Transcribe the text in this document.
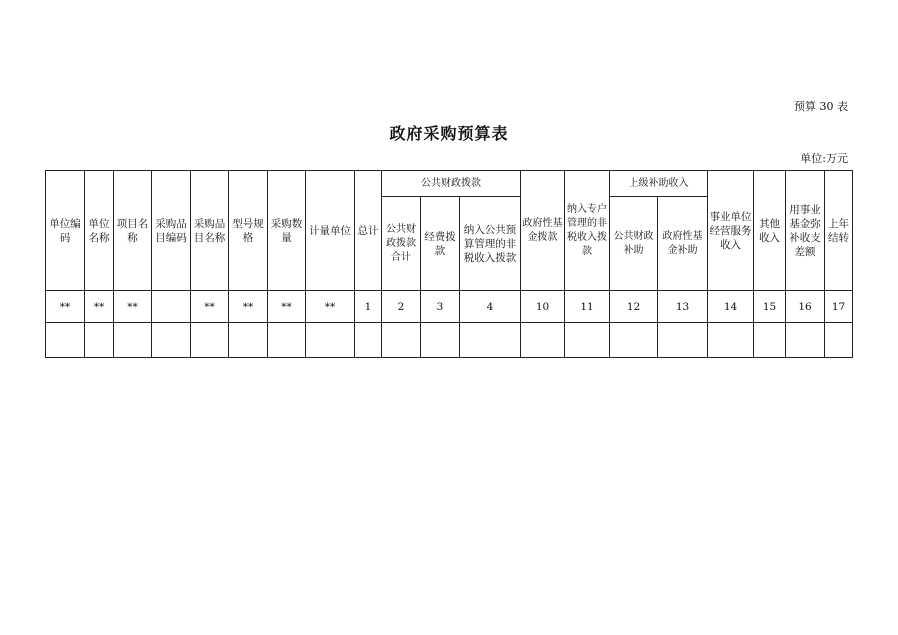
预算 30 表
政府采购预算表
单位:万元
单位编码	单位名称	项目名称	采购品目编码	采购品目名称	型号规格	采购数量	计量单位	总计	公共财政拨款			政府性基金拨款	纳入专户管理的非税收入拨款	上级补助收入		事业单位经营服务收入	其他收入	用事业基金弥补收支差额	上年结转
									公共财政拨款合计	经费拨款	纳入公共预算管理的非税收入拨款			公共财政补助	政府性基金补助				
**	**	**		**	**	**	**	1	2	3	4	10	11	12	13	14	15	16	17
